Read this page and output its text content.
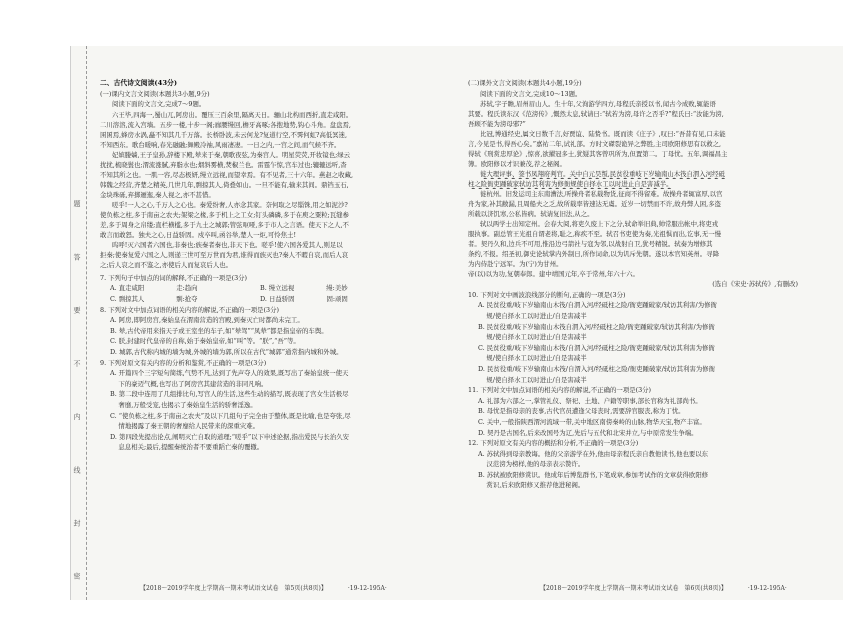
题 答 要 不 内 线 封 密

二、古代诗文阅读(43分)

(一)课内文言文阅读(本题共3小题,9分)

阅读下面的文言文,完成7～9题。

六王毕,四海一,蜀山兀,阿房出。覆压三百余里,隔离天日。骊山北构而西折,直走咸阳。

二川溶溶,流入宫墙。五步一楼,十步一阁;廊腰缦回,檐牙高啄;各抱地势,钩心斗角。盘盘焉,

囷囷焉,蜂房水涡,矗不知其几千万落。长桥卧波,未云何龙?复道行空,不霁何虹?高低冥迷,

不知西东。歌台暖响,春光融融;舞殿冷袖,风雨凄凄。一日之内,一宫之间,而气候不齐。

妃嫔媵嫱,王子皇孙,辞楼下殿,辇来于秦,朝歌夜弦,为秦宫人。明星荧荧,开妆镜也;绿云

扰扰,梳晓鬟也;渭流涨腻,弃脂水也;烟斜雾横,焚椒兰也。雷霆乍惊,宫车过也;辘辘远听,杳

不知其所之也。一肌一容,尽态极妍,缦立远视,而望幸焉。有不见者,三十六年。燕赵之收藏,

韩魏之经营,齐楚之精英,几世几年,剽掠其人,倚叠如山。一旦不能有,输来其间。鼎铛玉石,

金块珠砾,弃掷逦迤,秦人视之,亦不甚惜。

嗟乎!一人之心,千万人之心也。秦爱纷奢,人亦念其家。奈何取之尽锱铢,用之如泥沙?

使负栋之柱,多于南亩之农夫;架梁之椽,多于机上之工女;钉头磷磷,多于在庾之粟粒;瓦缝参

差,多于周身之帛缕;直栏横槛,多于九土之城郭;管弦呕哑,多于市人之言语。使天下之人,不

敢言而敢怒。独夫之心,日益骄固。戍卒叫,函谷举,楚人一炬,可怜焦土!

呜呼!灭六国者六国也,非秦也;族秦者秦也,非天下也。嗟乎!使六国各爱其人,则足以

拒秦;使秦复爱六国之人,则递三世可至万世而为君,谁得而族灭也?秦人不暇自哀,而后人哀

之;后人哀之而不鉴之,亦使后人而复哀后人也。

7. 下列句子中加点的词的解释,不正确的一项是(3分)

A. 直走咸阳　　　　　走:趋向	B. 缦立远视　　　　　缦:美妙
C. 剽掠其人　　　　　剽:抢夺	D. 日益骄固　　　　　固:顽固

8. 下列对文中加点词语的相关内容的解说,不正确的一项是(3分)

A. 阿房,即阿房宫,秦始皇在渭南营造的宫殿,到秦灭亡时都尚未完工。

B. 辇,古代帝用来指天子或王室坐的车子,如“辇驾”“凤辇”都是指皇帝的车舆。

C. 朕,封建时代皇帝的自称,始于秦始皇帝,如“叫”等。“朕”,“吾”等。

D. 城郭,古代称内城的墙为城,外城的墙为郭,所以在古代“城郭”通常指内城和外城。

9. 下列对原文有关内容的分析和鉴赏,不正确的一项是(3分)

A. 开篇四个三字短句简练,气势不凡,达到了先声夺人的效果,既写出了秦始皇统一使天

　 下的豪迈气概,也写出了阿房宫其建营造的非同凡响。

B. 第二段中连用了几组排比句,写宫人的生活,这些生动的描写,既表现了宫女生活极尽

　 奢靡,万般受宠,也揭示了秦始皇生活的骄奢淫逸。

C. “使负栋之柱,多于南亩之农夫”及以下几组句子完全由于整体,既是比喻,也是夸张,尽

　 情地揭露了秦王朝的奢靡给人民带来的深重灾难。

D. 第四段先提出论点,阐明灭亡自取的道理;“嗟乎”以下申述论据,指出爱民与长治久安

　 息息相关;最后,提醒秦统治者不要重蹈亡秦的覆辙。

(二)课外文言文阅读(本题共4小题,19分)

阅读下面的文言文,完成10～13题。

苏轼,字子瞻,眉州眉山人。生十年,父洵游学四方,母程氏亲授以书,闻古今成败,辄能语

其要。程氏读东汉《范滂传》,慨然太息,轼请曰:“轼若为滂,母许之否乎?”程氏曰:“汝能为滂,

吾顾不能为滂母邪?”

比冠,博通经史,属文日数千言,好贾谊、陆贽书。既而读《庄子》,叹曰:“吾昔有见,口未能

言,今见是书,得吾心矣。”嘉祐二年,试礼部。方时文磔裂诡异之弊胜,主司欧阳修思有以救之,

得轼《刑赏忠厚论》,惊喜,欲擢冠多士,犹疑其客曾巩所为,但置第二。丁母忧。五年,调福昌主

簿。欧阳修以才识兼茂,荐之秘阁。

徙大理评事、签书凤翔府判官。关中自元昊叛,民贫役重岐下岁输南山木筏自渭入河经砥

柱之险衙吏踵破家轼访其利害为修衙规使自择水工以时进止自是害减半。

徙杭州。旧发运司主东南漕法,听操舟者私载物货,征商不得留难。故操舟者辄富厚,以官

舟为家,补其敝漏,且周船夫之乏,故所载率皆速达无虞。近岁一切禁而不许,故舟弊人困,多盗

所载以济饥寒,公私皆病。轼请复旧法,从之。

轼以两学士出知定州。会春大阅,将吏久废上下之分,轼命举旧典,帅常服出帐中,将吏戎

服执事。副总管王光祖自谓老将,耻之,称疾不至。轼召书吏使为奏,光祖惧而出,讫事,无一慢

者。契丹久和,边兵不可用,惟沿边弓箭社与寇为邻,以战射自卫,犹号精锐。轼奏为增修其

条约,不报。绍圣初,御史论轼掌内外制日,所作词命,以为讥斥先朝。遂以本官知英州。寻降

为内侍赴宁远军。为(宁)为甘州。

帝(以)以为功,复朝奉郎。建中靖国元年,卒于常州,年六十六。

(选自《宋史·苏轼传》,有删改)

10. 下列对文中画波浪线部分的断句,正确的一项是(3分)

A. 民贫役重/岐下岁输南山木筏/自渭入河/经砥柱之险/衙吏踵破家/轼访其利害/为修衙

　 规/使自择水工以时进止/自是害减半

B. 民贫役重/岐下岁输南山木筏自渭入河/经砥柱之险/衙吏踵破家/轼访其利害/为修衙

　 规/使自择水工以时进止/自是害减半

C. 民贫役重/岐下岁输南山木筏/自渭入河/经砥柱之险/衙吏踵破家/轼访其利害为修衙

　 规/使自择水工以时进止/自是害减半

D. 民贫役重/岐下岁输南山木筏/自渭入河/经砥柱之险/衙吏踵破家/轼访其利害为修衙

　 规/使自择水工以时进止/自是害减半

11. 下列对文中加点词语的相关内容的解说,不正确的一项是(3分)

A. 礼部为六部之一,掌管礼仪、祭祀、土地、户籍等职事,部长官称为礼部尚书。

B. 母忧是指母亲的丧事,古代官员遭逢父母丧时,需要辞官服丧,称为丁忧。

C. 关中,一般指陕西渭河流域一带,关中地区南傍秦岭的山脉,物华天宝,物产丰富。

D. 契丹是古国名,后来改国号为辽,先后与五代和北宋并立,与中原常发生争端。

12. 下列对原文有关内容的概括和分析,不正确的一项是(3分)

A. 苏轼得到母亲教诲。他的父亲游学在外,他由母亲程氏亲自教他读书,他也要以东

　 汉范滂为榜样,他的母亲表示赞许。

B. 苏轼被欧阳修赏识。他成年后博览群书,下笔成章,参加考试作的文章获得欧阳修

　 赏识,后来欧阳修又推荐他进秘阁。

【2018～2019学年度上学期高一期末考试语文试卷　第5页(共8页)】　　　　·19-12-195A·	【2018～2019学年度上学期高一期末考试语文试卷　第6页(共8页)】　　　　·19-12-195A·
